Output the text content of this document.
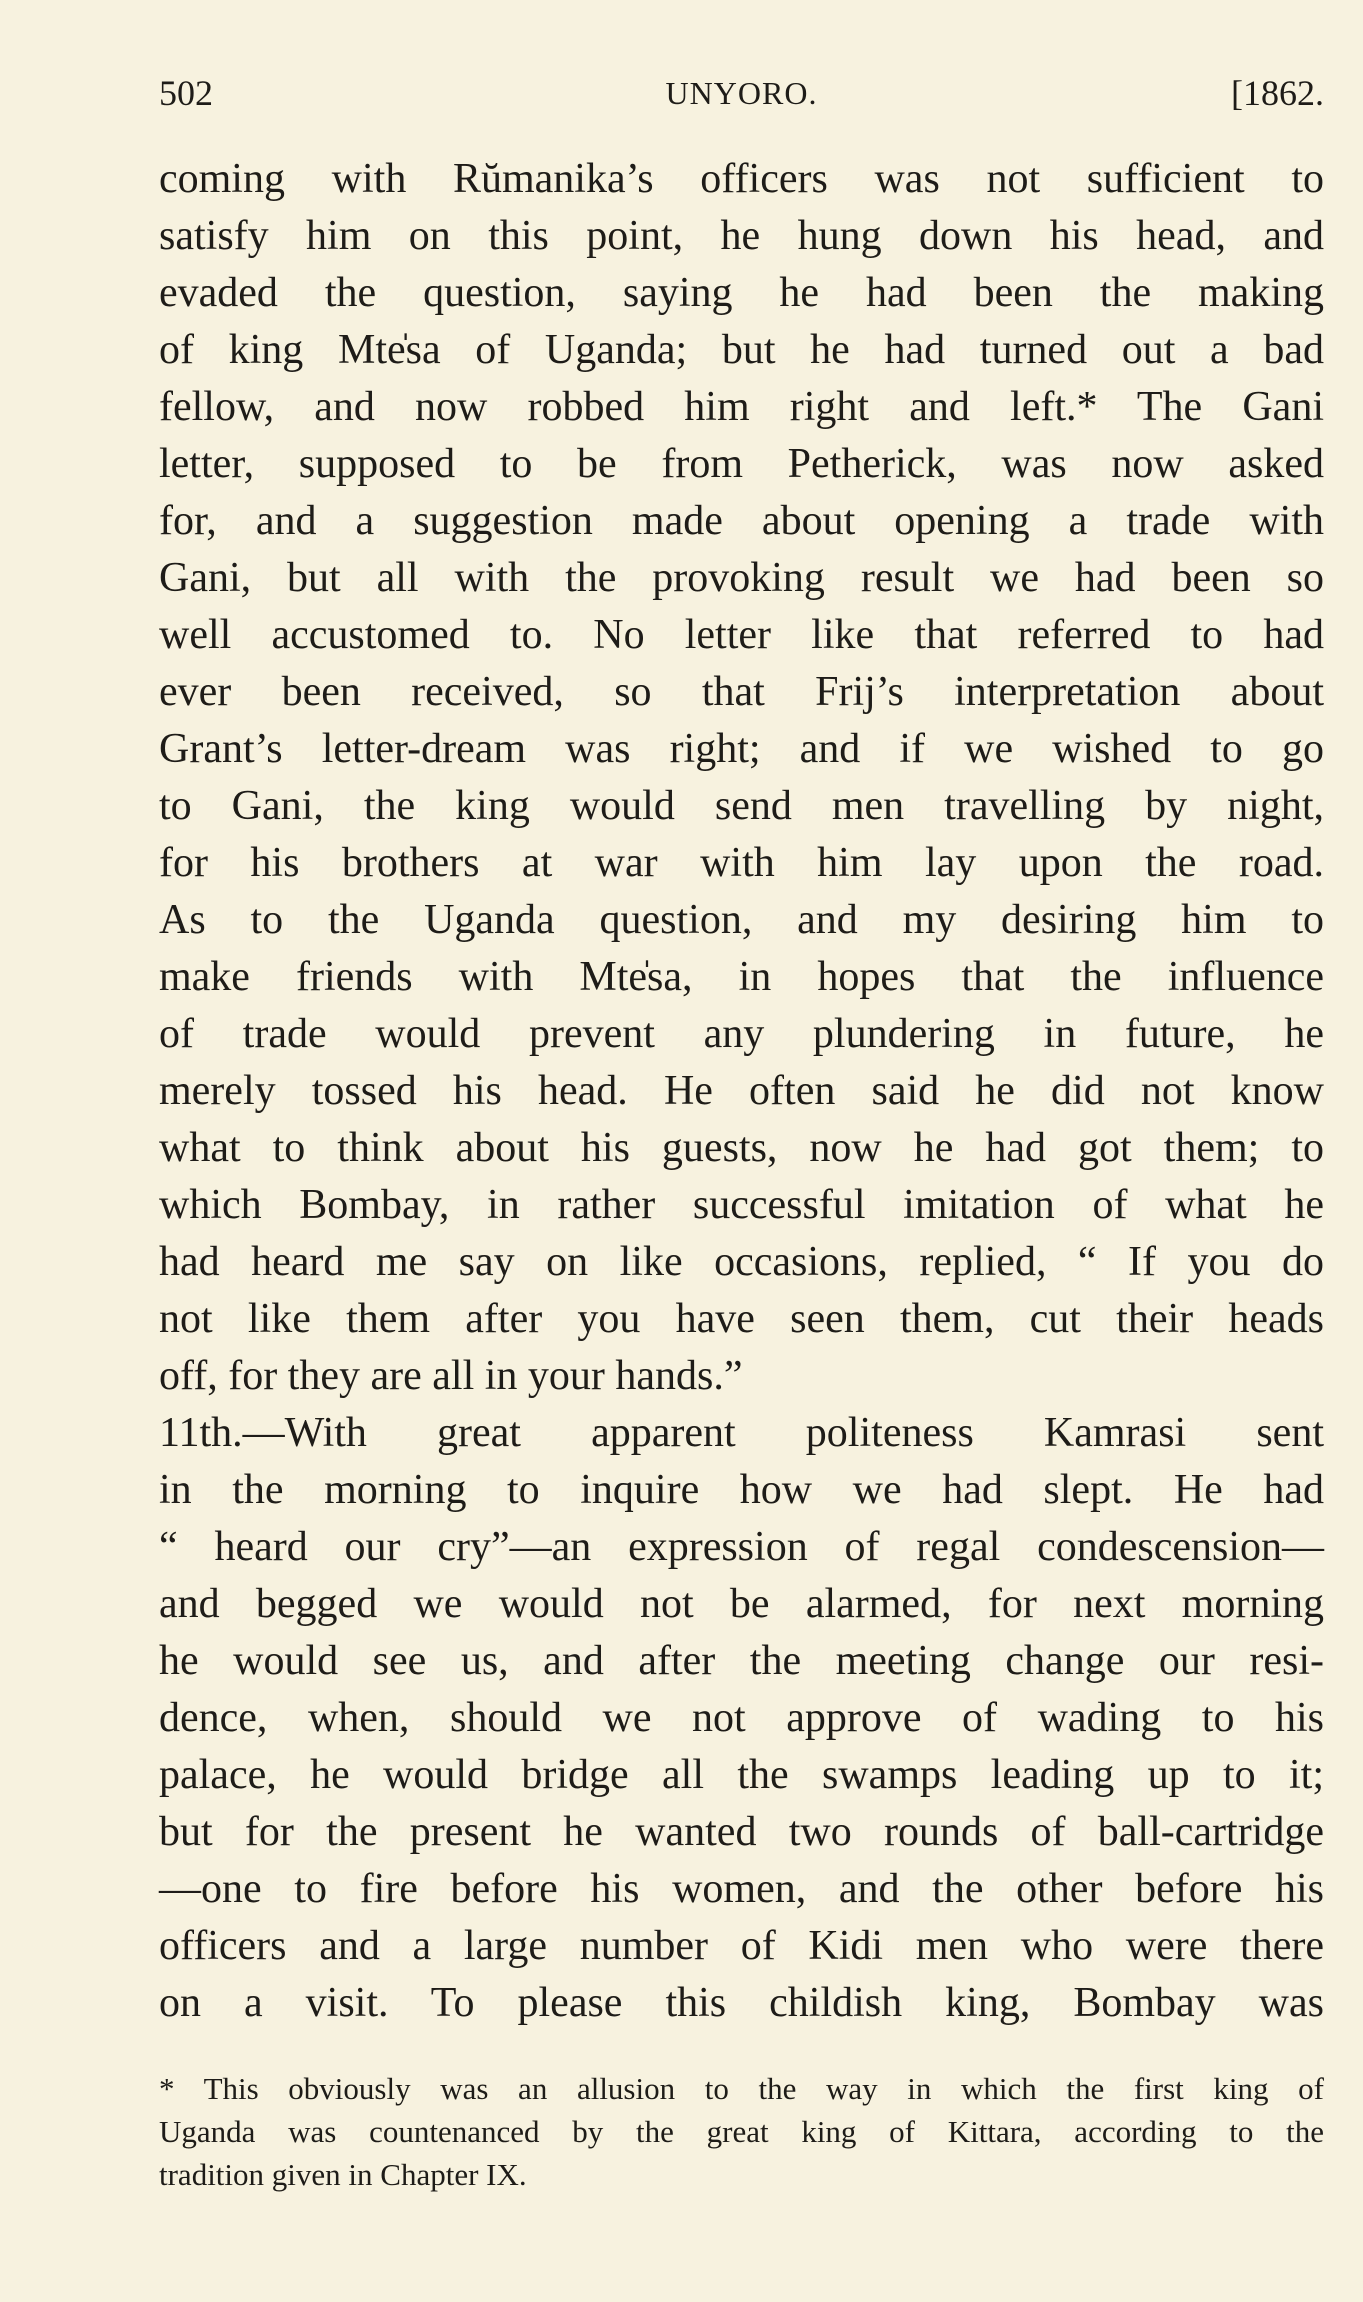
502	UNYORO.	[1862.
coming with Rŭmanika’s officers was not sufficient to
satisfy him on this point, he hung down his head, and
evaded the question, saying he had been the making
of king Mte̍sa of Uganda; but he had turned out a bad
fellow, and now robbed him right and left.* The Gani
letter, supposed to be from Petherick, was now asked
for, and a suggestion made about opening a trade with
Gani, but all with the provoking result we had been so
well accustomed to. No letter like that referred to had
ever been received, so that Frij’s interpretation about
Grant’s letter-dream was right; and if we wished to go
to Gani, the king would send men travelling by night,
for his brothers at war with him lay upon the road.
As to the Uganda question, and my desiring him to
make friends with Mte̍sa, in hopes that the influence
of trade would prevent any plundering in future, he
merely tossed his head. He often said he did not know
what to think about his guests, now he had got them; to
which Bombay, in rather successful imitation of what he
had heard me say on like occasions, replied, “ If you do
not like them after you have seen them, cut their heads
off, for they are all in your hands.”
11th.—With great apparent politeness Kamrasi sent
in the morning to inquire how we had slept. He had
“ heard our cry”—an expression of regal condescension—
and begged we would not be alarmed, for next morning
he would see us, and after the meeting change our resi-
dence, when, should we not approve of wading to his
palace, he would bridge all the swamps leading up to it;
but for the present he wanted two rounds of ball-cartridge
—one to fire before his women, and the other before his
officers and a large number of Kidi men who were there
on a visit. To please this childish king, Bombay was
* This obviously was an allusion to the way in which the first king of
Uganda was countenanced by the great king of Kittara, according to the
tradition given in Chapter IX.
